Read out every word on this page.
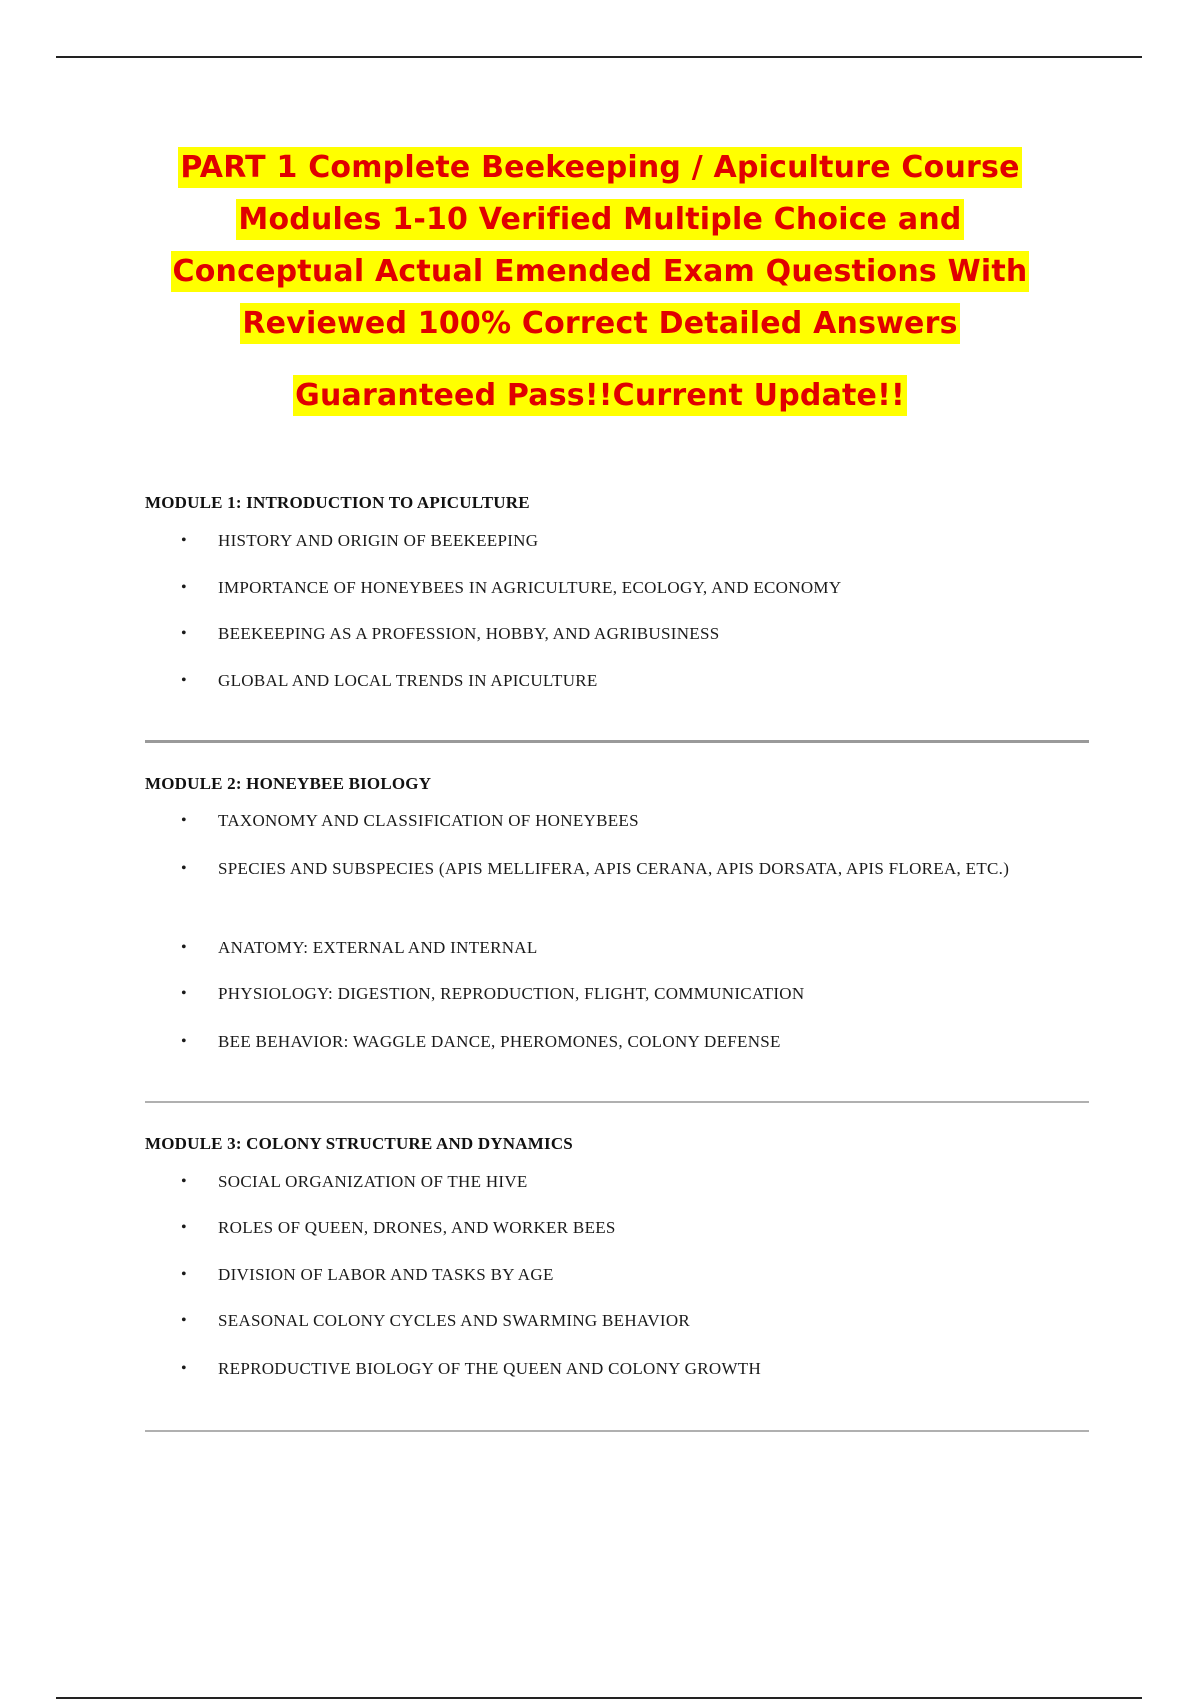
PART 1 Complete Beekeeping / Apiculture Course
Modules 1-10 Verified Multiple Choice and
Conceptual Actual Emended Exam Questions With
Reviewed 100% Correct Detailed Answers
Guaranteed Pass!!Current Update!!
MODULE 1: INTRODUCTION TO APICULTURE
• HISTORY AND ORIGIN OF BEEKEEPING
• IMPORTANCE OF HONEYBEES IN AGRICULTURE, ECOLOGY, AND ECONOMY
• BEEKEEPING AS A PROFESSION, HOBBY, AND AGRIBUSINESS
• GLOBAL AND LOCAL TRENDS IN APICULTURE
MODULE 2: HONEYBEE BIOLOGY
• TAXONOMY AND CLASSIFICATION OF HONEYBEES
• SPECIES AND SUBSPECIES (APIS MELLIFERA, APIS CERANA, APIS DORSATA, APIS FLOREA, ETC.)
• ANATOMY: EXTERNAL AND INTERNAL
• PHYSIOLOGY: DIGESTION, REPRODUCTION, FLIGHT, COMMUNICATION
• BEE BEHAVIOR: WAGGLE DANCE, PHEROMONES, COLONY DEFENSE
MODULE 3: COLONY STRUCTURE AND DYNAMICS
• SOCIAL ORGANIZATION OF THE HIVE
• ROLES OF QUEEN, DRONES, AND WORKER BEES
• DIVISION OF LABOR AND TASKS BY AGE
• SEASONAL COLONY CYCLES AND SWARMING BEHAVIOR
• REPRODUCTIVE BIOLOGY OF THE QUEEN AND COLONY GROWTH
